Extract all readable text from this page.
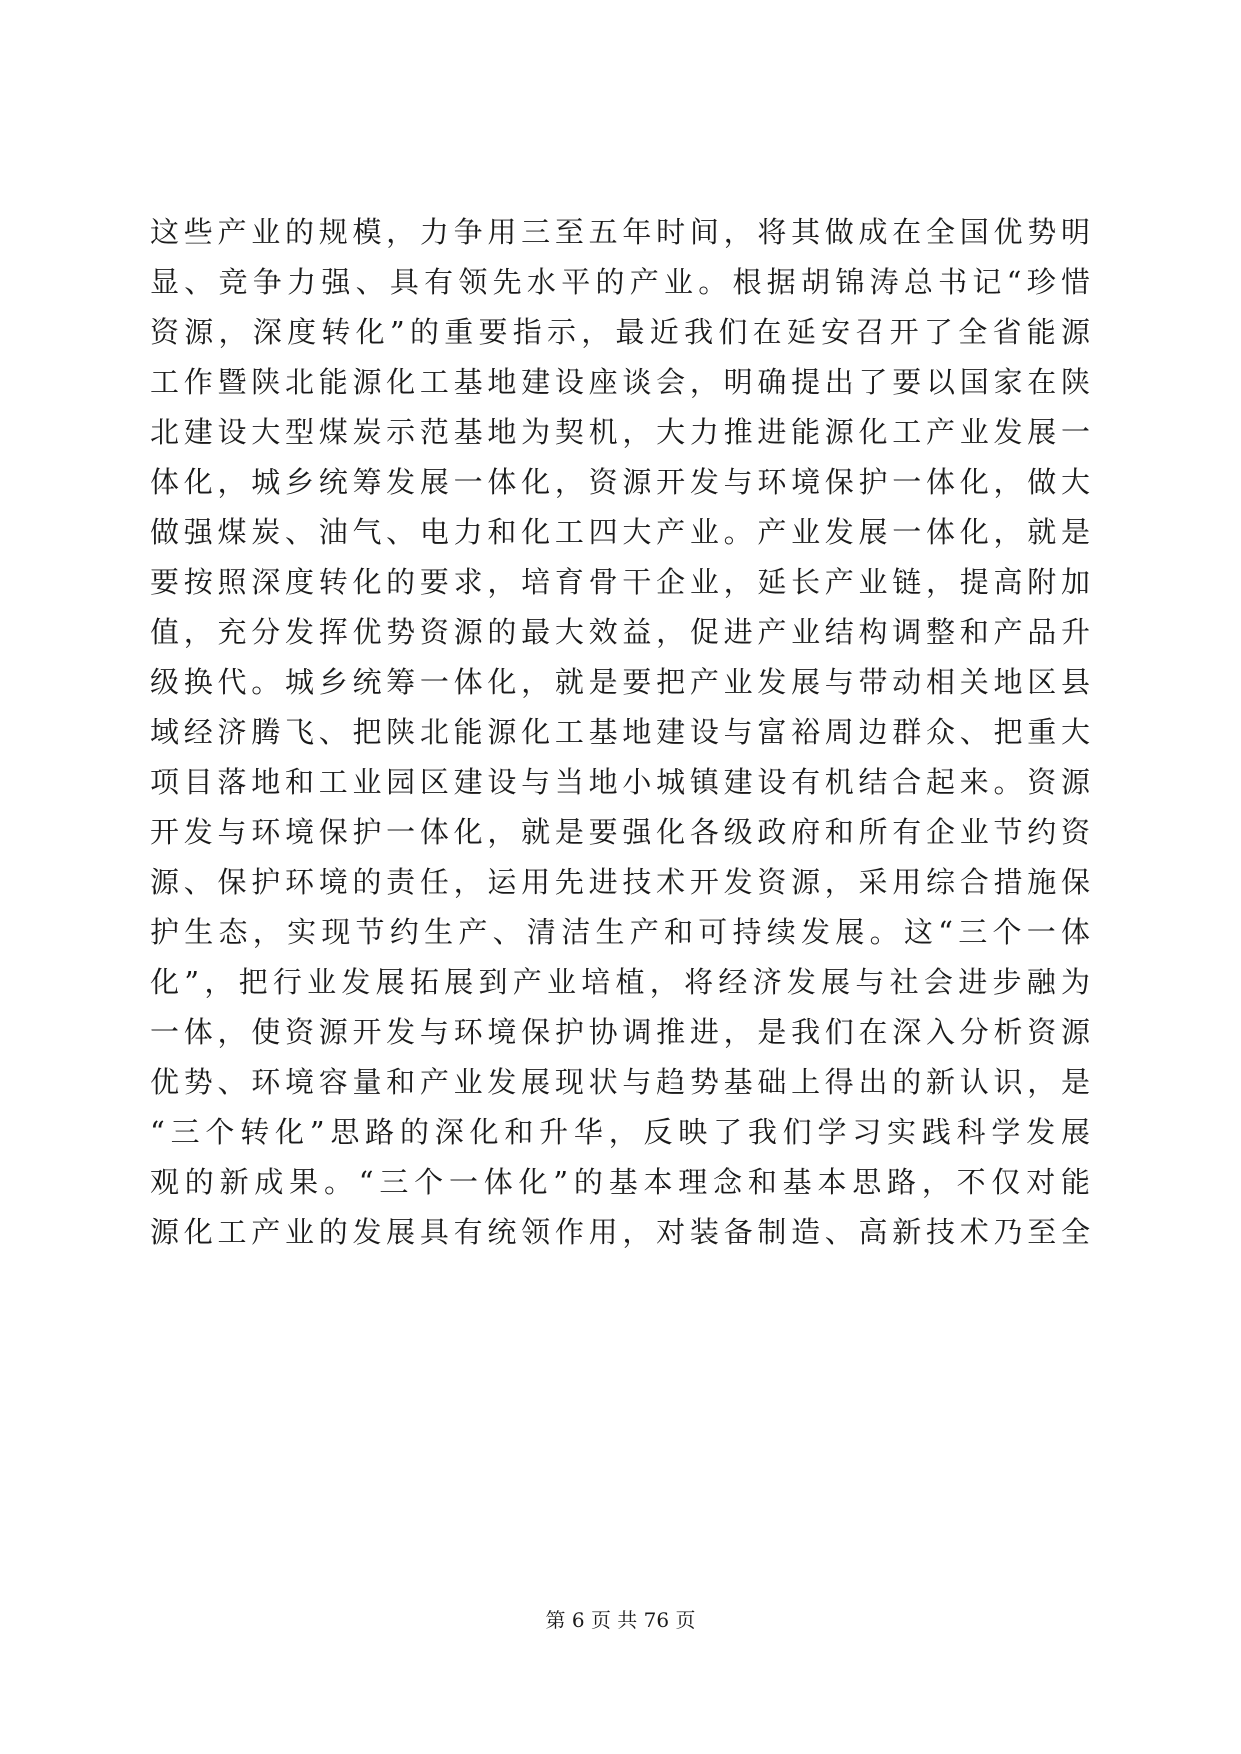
这些产业的规模，力争用三至五年时间，将其做成在全国优势明
显、竞争力强、具有领先水平的产业。根据胡锦涛总书记“珍惜
资源，深度转化”的重要指示，最近我们在延安召开了全省能源
工作暨陕北能源化工基地建设座谈会，明确提出了要以国家在陕
北建设大型煤炭示范基地为契机，大力推进能源化工产业发展一
体化，城乡统筹发展一体化，资源开发与环境保护一体化，做大
做强煤炭、油气、电力和化工四大产业。产业发展一体化，就是
要按照深度转化的要求，培育骨干企业，延长产业链，提高附加
值，充分发挥优势资源的最大效益，促进产业结构调整和产品升
级换代。城乡统筹一体化，就是要把产业发展与带动相关地区县
域经济腾飞、把陕北能源化工基地建设与富裕周边群众、把重大
项目落地和工业园区建设与当地小城镇建设有机结合起来。资源
开发与环境保护一体化，就是要强化各级政府和所有企业节约资
源、保护环境的责任，运用先进技术开发资源，采用综合措施保
护生态，实现节约生产、清洁生产和可持续发展。这“三个一体
化”，把行业发展拓展到产业培植，将经济发展与社会进步融为
一体，使资源开发与环境保护协调推进，是我们在深入分析资源
优势、环境容量和产业发展现状与趋势基础上得出的新认识，是
“三个转化”思路的深化和升华，反映了我们学习实践科学发展
观的新成果。“三个一体化”的基本理念和基本思路，不仅对能
源化工产业的发展具有统领作用，对装备制造、高新技术乃至全
第 6 页 共 76 页
